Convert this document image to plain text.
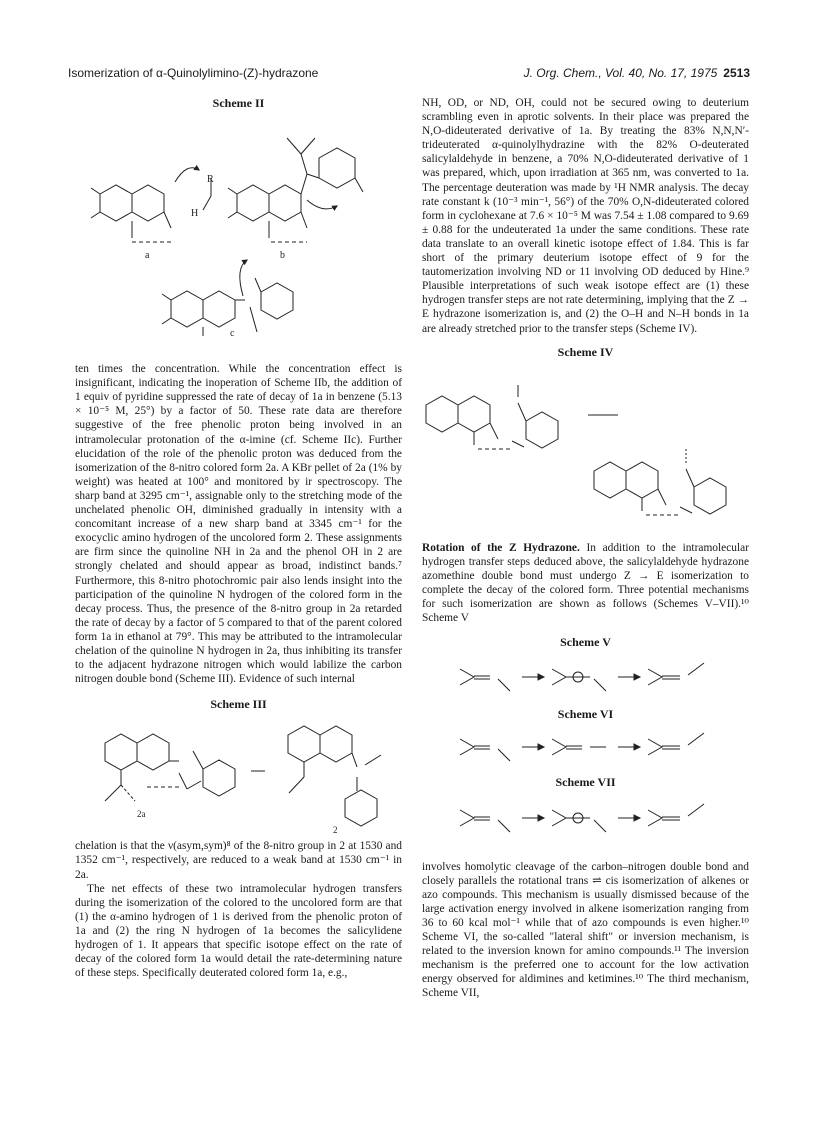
Isomerization of α-Quinolylimino-(Z)-hydrazone	J. Org. Chem., Vol. 40, No. 17, 1975 2513

Scheme II

R
H
a	b
c

ten times the concentration. While the concentration effect is insignificant, indicating the inoperation of Scheme IIb, the addition of 1 equiv of pyridine suppressed the rate of decay of 1a in benzene (5.13 × 10⁻⁵ M, 25°) by a factor of 50. These rate data are therefore suggestive of the free phenolic proton being involved in an intramolecular protonation of the α-imine (cf. Scheme IIc). Further elucidation of the role of the phenolic proton was deduced from the isomerization of the 8-nitro colored form 2a. A KBr pellet of 2a (1% by weight) was heated at 100° and monitored by ir spectroscopy. The sharp band at 3295 cm⁻¹, assignable only to the stretching mode of the unchelated phenolic OH, diminished gradually in intensity with a concomitant increase of a new sharp band at 3345 cm⁻¹ for the exocyclic amino hydrogen of the uncolored form 2. These assignments are firm since the quinoline NH in 2a and the phenol OH in 2 are strongly chelated and should appear as broad, indistinct bands.⁷ Furthermore, this 8-nitro photochromic pair also lends insight into the participation of the quinoline N hydrogen of the colored form in the decay process. Thus, the presence of the 8-nitro group in 2a retarded the rate of decay by a factor of 5 compared to that of the parent colored form 1a in ethanol at 79°. This may be attributed to the intramolecular chelation of the quinoline N hydrogen in 2a, thus inhibiting its transfer to the adjacent hydrazone nitrogen which would labilize the carbon nitrogen double bond (Scheme III). Evidence of such internal

Scheme III

2a
2

chelation is that the ν(asym,sym)⁸ of the 8-nitro group in 2 at 1530 and 1352 cm⁻¹, respectively, are reduced to a weak band at 1530 cm⁻¹ in 2a.

The net effects of these two intramolecular hydrogen transfers during the isomerization of the colored to the uncolored form are that (1) the α-amino hydrogen of 1 is derived from the phenolic proton of 1a and (2) the ring N hydrogen of 1a becomes the salicylidene hydrogen of 1. It appears that specific isotope effect on the rate of decay of the colored form 1a would detail the rate-determining nature of these steps. Specifically deuterated colored form 1a, e.g.,

NH, OD, or ND, OH, could not be secured owing to deuterium scrambling even in aprotic solvents. In their place was prepared the N,O-dideuterated derivative of 1a. By treating the 83% N,N,N′-trideuterated α-quinolylhydrazine with the 82% O-deuterated salicylaldehyde in benzene, a 70% N,O-dideuterated derivative of 1 was prepared, which, upon irradiation at 365 nm, was converted to 1a. The percentage deuteration was made by ¹H NMR analysis. The decay rate constant k (10⁻³ min⁻¹, 56°) of the 70% O,N-dideuterated colored form in cyclohexane at 7.6 × 10⁻⁵ M was 7.54 ± 1.08 compared to 9.69 ± 0.88 for the undeuterated 1a under the same conditions. These rate data translate to an overall kinetic isotope effect of 1.84. This is far short of the primary deuterium isotope effect of 9 for the tautomerization involving ND or 11 involving OD deduced by Hine.⁹ Plausible interpretations of such weak isotope effect are (1) these hydrogen transfer steps are not rate determining, implying that the Z → E hydrazone isomerization is, and (2) the O–H and N–H bonds in 1a are already stretched prior to the transfer steps (Scheme IV).

Scheme IV

Rotation of the Z Hydrazone. In addition to the intramolecular hydrogen transfer steps deduced above, the salicylaldehyde hydrazone azomethine double bond must undergo Z → E isomerization to complete the decay of the colored form. Three potential mechanisms for such isomerization are shown as follows (Schemes V–VII).¹⁰ Scheme V

Scheme V

Scheme VI

Scheme VII

involves homolytic cleavage of the carbon–nitrogen double bond and closely parallels the rotational trans ⇌ cis isomerization of alkenes or azo compounds. This mechanism is usually dismissed because of the large activation energy involved in alkene isomerization ranging from 36 to 60 kcal mol⁻¹ while that of azo compounds is even higher.¹⁰ Scheme VI, the so-called "lateral shift" or inversion mechanism, is related to the inversion known for amino compounds.¹¹ The inversion mechanism is the preferred one to account for the low activation energy observed for aldimines and ketimines.¹⁰ The third mechanism, Scheme VII,
